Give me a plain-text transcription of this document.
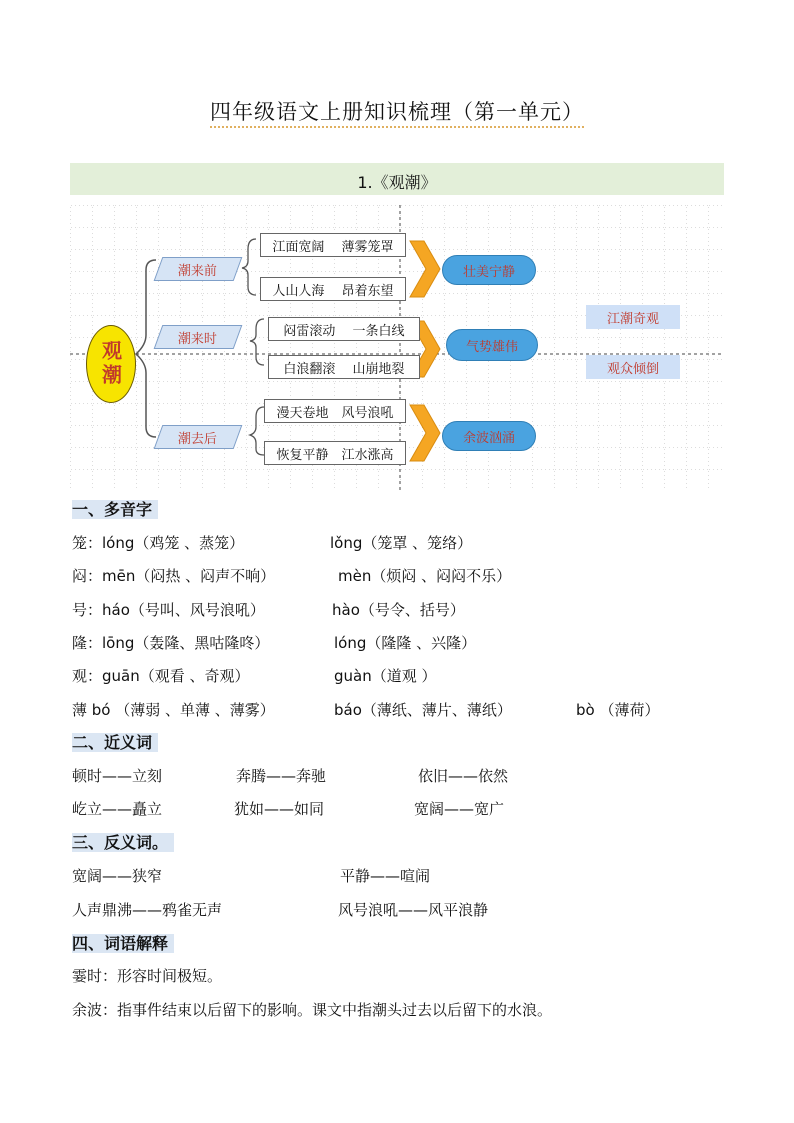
四年级语文上册知识梳理（第一单元）
1.《观潮》
观潮
潮来前
潮来时
潮去后
江面宽阔　 薄雾笼罩
人山人海　 昂着东望
闷雷滚动　 一条白线
白浪翻滚　 山崩地裂
漫天卷地　风号浪吼
恢复平静　江水涨高
壮美宁静
气势雄伟
余波汹涌
江潮奇观
观众倾倒
一、多音字
笼：lóng（鸡笼 、蒸笼）	lǒng（笼罩 、笼络）
闷：mēn（闷热 、闷声不响）	mèn（烦闷 、闷闷不乐）
号：háo（号叫、风号浪吼）	hào（号令、括号）
隆：lōng（轰隆、黑咕隆咚）	lóng（隆隆 、兴隆）
观：guān（观看 、奇观）	guàn（道观 ）
薄 bó （薄弱 、单薄 、薄雾）	báo（薄纸、薄片、薄纸）	bò （薄荷）
二、近义词
顿时——立刻	奔腾——奔驰	依旧——依然
屹立——矗立	犹如——如同	宽阔——宽广
三、反义词。
宽阔——狭窄	平静——喧闹
人声鼎沸——鸦雀无声	风号浪吼——风平浪静
四、词语解释
霎时：形容时间极短。
余波：指事件结束以后留下的影响。课文中指潮头过去以后留下的水浪。
